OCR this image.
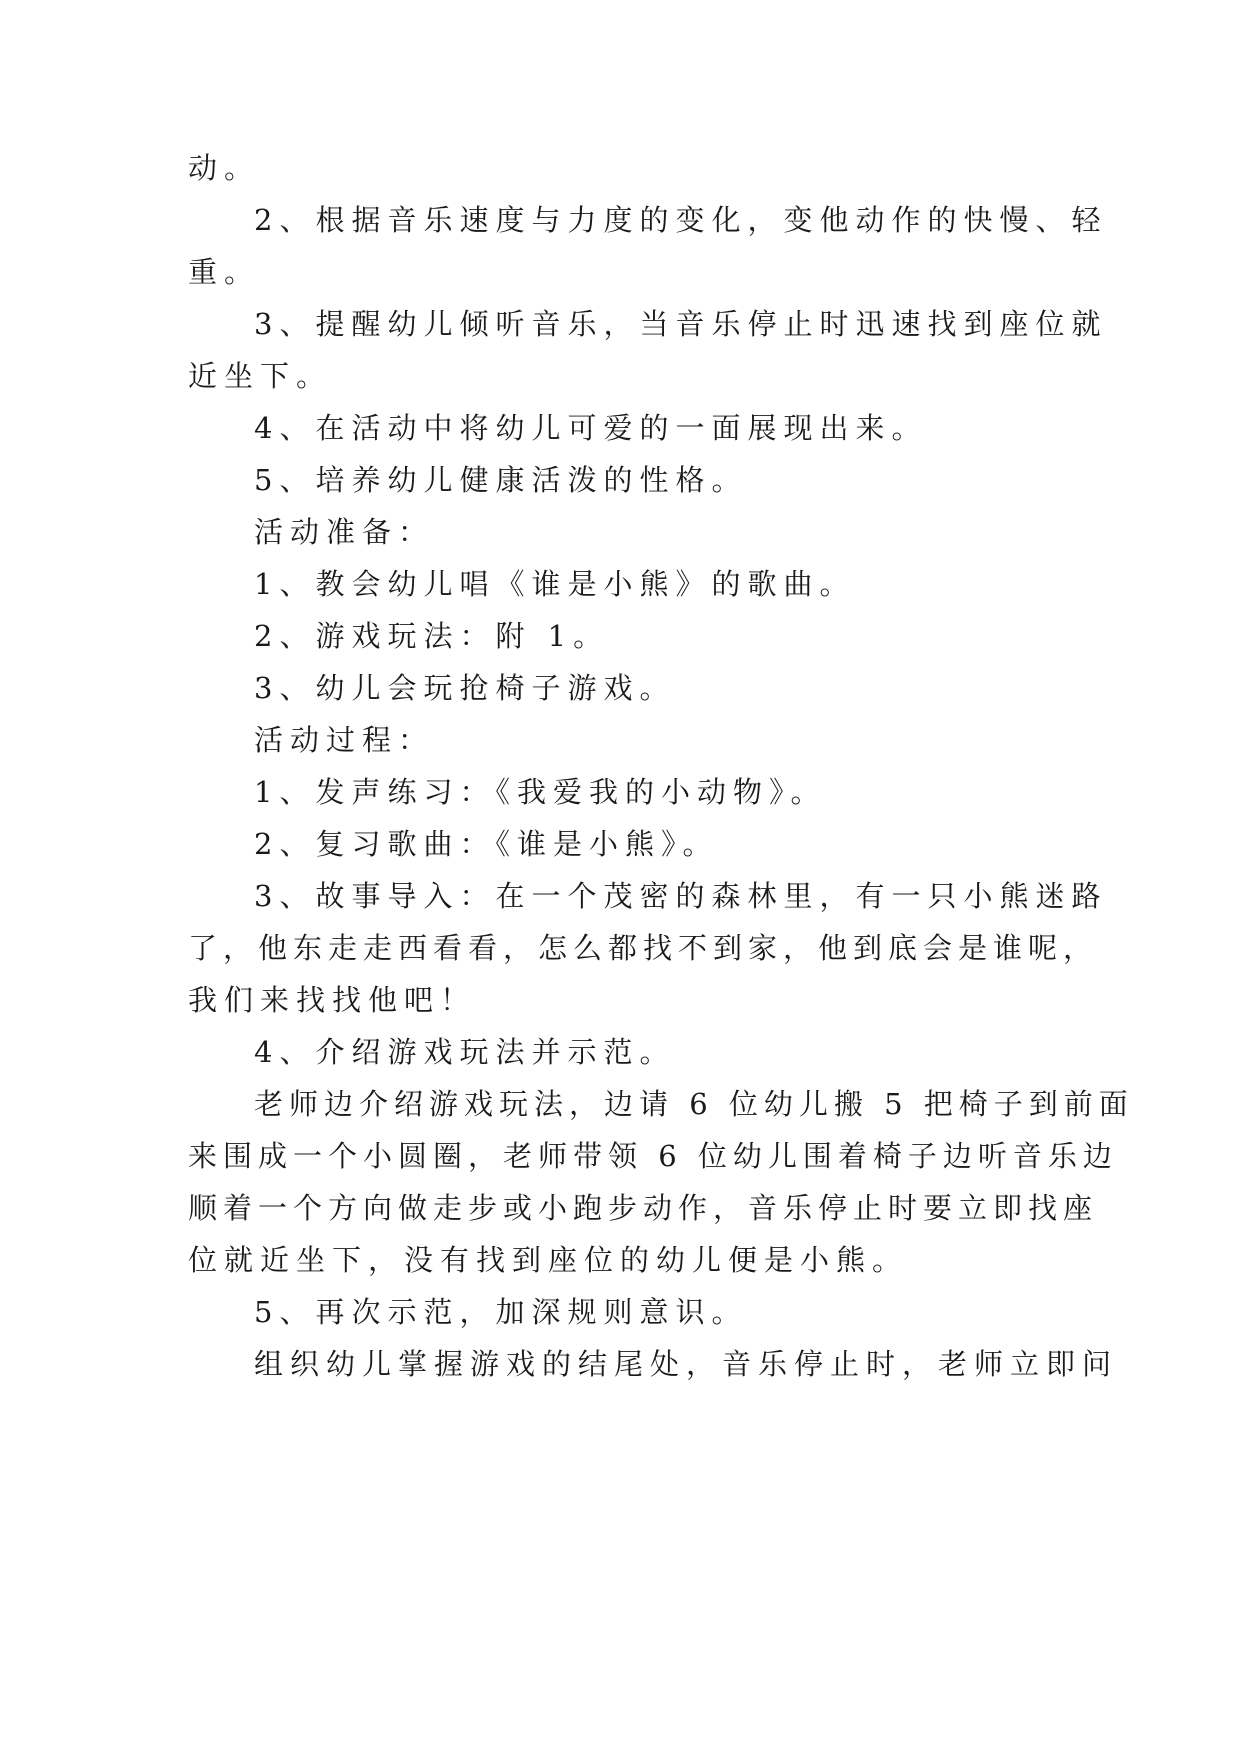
动。
2、根据音乐速度与力度的变化，变他动作的快慢、轻
重。
3、提醒幼儿倾听音乐，当音乐停止时迅速找到座位就
近坐下。
4、在活动中将幼儿可爱的一面展现出来。
5、培养幼儿健康活泼的性格。
活动准备：
1、教会幼儿唱《谁是小熊》的歌曲。
2、游戏玩法：附 1。
3、幼儿会玩抢椅子游戏。
活动过程：
1、发声练习：《我爱我的小动物》。
2、复习歌曲：《谁是小熊》。
3、故事导入：在一个茂密的森林里，有一只小熊迷路
了，他东走走西看看，怎么都找不到家，他到底会是谁呢，
我们来找找他吧！
4、介绍游戏玩法并示范。
老师边介绍游戏玩法，边请 6 位幼儿搬 5 把椅子到前面
来围成一个小圆圈，老师带领 6 位幼儿围着椅子边听音乐边
顺着一个方向做走步或小跑步动作，音乐停止时要立即找座
位就近坐下，没有找到座位的幼儿便是小熊。
5、再次示范，加深规则意识。
组织幼儿掌握游戏的结尾处，音乐停止时，老师立即问
